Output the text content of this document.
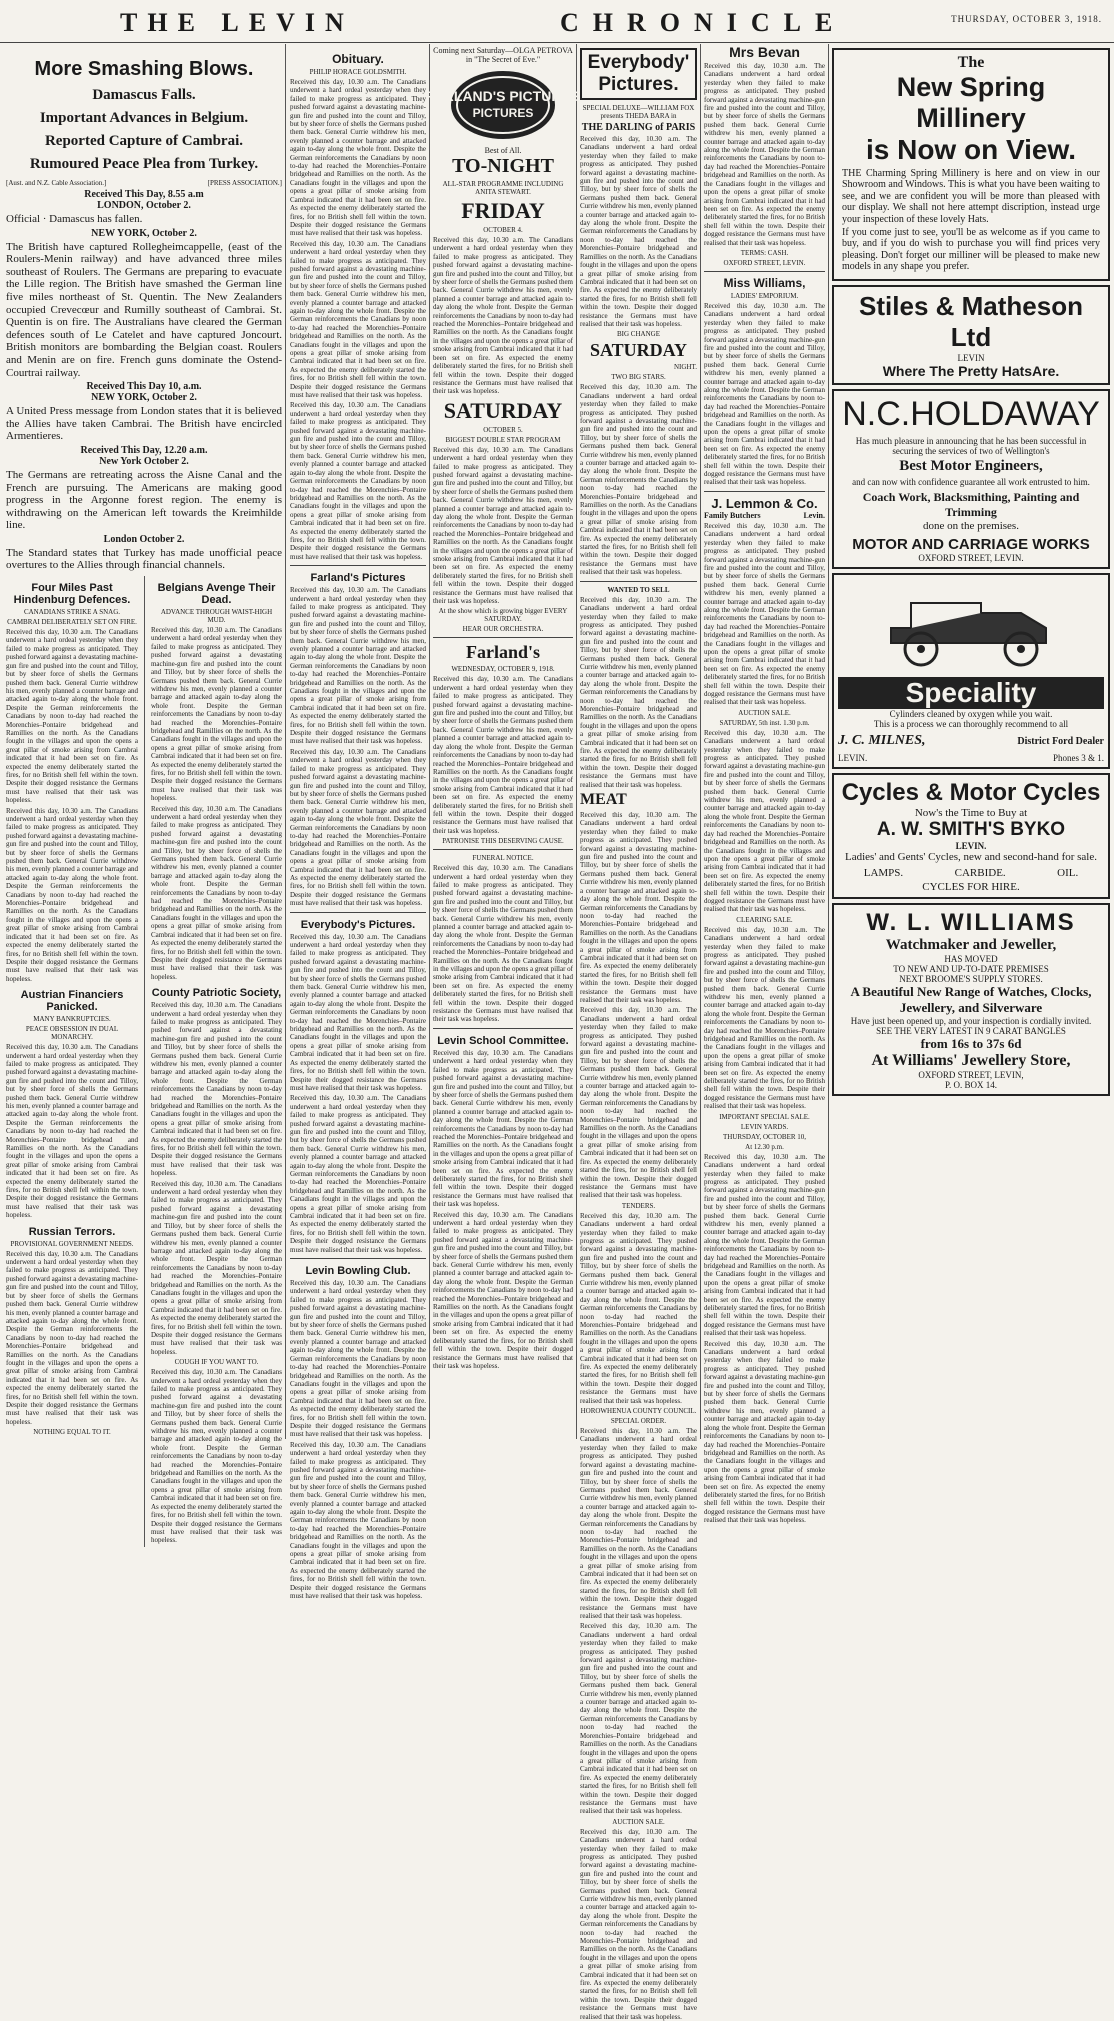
THE LEVIN	CHRONICLE	THURSDAY, OCTOBER 3, 1918.
More Smashing Blows.
Damascus Falls.
Important Advances in Belgium.
Reported Capture of Cambrai.
Rumoured Peace Plea from Turkey.
[Aust. and N.Z. Cable Association.]	[PRESS ASSOCIATION.]
Received This Day, 8.55 a.m
LONDON, October 2.
Official · Damascus has fallen.
NEW YORK, October 2.
The British have captured Rollegheimcappelle, (east of the Roulers-Menin railway) and have advanced three miles southeast of Roulers. The Germans are preparing to evacuate the Lille region. The British have smashed the German line five miles northeast of St. Quentin. The New Zealanders occupied Crevecœur and Rumilly southeast of Cambrai. St. Quentin is on fire. The Australians have cleared the German defences south of Le Catelet and have captured Joncourt. British monitors are bombarding the Belgian coast. Roulers and Menin are on fire. French guns dominate the Ostend-Courtrai railway.
Received This Day 10, a.m.
NEW YORK, October 2.
A United Press message from London states that it is believed the Allies have taken Cambrai. The British have encircled Armentieres.
Received This Day, 12.20 a.m.
New York October 2.
The Germans are retreating across the Aisne Canal and the French are pursuing. The Americans are making good progress in the Argonne forest region. The enemy is withdrawing on the American left towards the Kreimhilde line.
London October 2.
The Standard states that Turkey has made unofficial peace overtures to the Allies through financial channels.
Four Miles Past Hindenburg Defences.
CANADIANS STRIKE A SNAG.
CAMBRAI DELIBERATELY SET ON FIRE.
Received this day, 10.30 a.m. The Canadians underwent a hard ordeal yesterday when they failed to make progress as anticipated. They pushed forward against a devastating machine-gun fire and pushed into the count and Tilloy, but by sheer force of shells the Germans pushed them back. General Currie withdrew his men, evenly planned a counter barrage and attacked again to-day along the whole front. Despite the German reinforcements the Canadians by noon to-day had reached the Morenchies–Pontaire bridgehead and Ramillies on the north. As the Canadians fought in the villages and upon the opens a great pillar of smoke arising from Cambrai indicated that it had been set on fire. As expected the enemy deliberately started the fires, for no British shell fell within the town. Despite their dogged resistance the Germans must have realised that their task was hopeless.
Received this day, 10.30 a.m. The Canadians underwent a hard ordeal yesterday when they failed to make progress as anticipated. They pushed forward against a devastating machine-gun fire and pushed into the count and Tilloy, but by sheer force of shells the Germans pushed them back. General Currie withdrew his men, evenly planned a counter barrage and attacked again to-day along the whole front. Despite the German reinforcements the Canadians by noon to-day had reached the Morenchies–Pontaire bridgehead and Ramillies on the north. As the Canadians fought in the villages and upon the opens a great pillar of smoke arising from Cambrai indicated that it had been set on fire. As expected the enemy deliberately started the fires, for no British shell fell within the town. Despite their dogged resistance the Germans must have realised that their task was hopeless.
Austrian Financiers Panicked.
MANY BANKRUPTCIES.
PEACE OBSESSION IN DUAL MONARCHY.
Received this day, 10.30 a.m. The Canadians underwent a hard ordeal yesterday when they failed to make progress as anticipated. They pushed forward against a devastating machine-gun fire and pushed into the count and Tilloy, but by sheer force of shells the Germans pushed them back. General Currie withdrew his men, evenly planned a counter barrage and attacked again to-day along the whole front. Despite the German reinforcements the Canadians by noon to-day had reached the Morenchies–Pontaire bridgehead and Ramillies on the north. As the Canadians fought in the villages and upon the opens a great pillar of smoke arising from Cambrai indicated that it had been set on fire. As expected the enemy deliberately started the fires, for no British shell fell within the town. Despite their dogged resistance the Germans must have realised that their task was hopeless.
Russian Terrors.
PROVISIONAL GOVERNMENT NEEDS.
Received this day, 10.30 a.m. The Canadians underwent a hard ordeal yesterday when they failed to make progress as anticipated. They pushed forward against a devastating machine-gun fire and pushed into the count and Tilloy, but by sheer force of shells the Germans pushed them back. General Currie withdrew his men, evenly planned a counter barrage and attacked again to-day along the whole front. Despite the German reinforcements the Canadians by noon to-day had reached the Morenchies–Pontaire bridgehead and Ramillies on the north. As the Canadians fought in the villages and upon the opens a great pillar of smoke arising from Cambrai indicated that it had been set on fire. As expected the enemy deliberately started the fires, for no British shell fell within the town. Despite their dogged resistance the Germans must have realised that their task was hopeless.
NOTHING EQUAL TO IT.
Belgians Avenge Their Dead.
ADVANCE THROUGH WAIST-HIGH MUD.
Received this day, 10.30 a.m. The Canadians underwent a hard ordeal yesterday when they failed to make progress as anticipated. They pushed forward against a devastating machine-gun fire and pushed into the count and Tilloy, but by sheer force of shells the Germans pushed them back. General Currie withdrew his men, evenly planned a counter barrage and attacked again to-day along the whole front. Despite the German reinforcements the Canadians by noon to-day had reached the Morenchies–Pontaire bridgehead and Ramillies on the north. As the Canadians fought in the villages and upon the opens a great pillar of smoke arising from Cambrai indicated that it had been set on fire. As expected the enemy deliberately started the fires, for no British shell fell within the town. Despite their dogged resistance the Germans must have realised that their task was hopeless.
Received this day, 10.30 a.m. The Canadians underwent a hard ordeal yesterday when they failed to make progress as anticipated. They pushed forward against a devastating machine-gun fire and pushed into the count and Tilloy, but by sheer force of shells the Germans pushed them back. General Currie withdrew his men, evenly planned a counter barrage and attacked again to-day along the whole front. Despite the German reinforcements the Canadians by noon to-day had reached the Morenchies–Pontaire bridgehead and Ramillies on the north. As the Canadians fought in the villages and upon the opens a great pillar of smoke arising from Cambrai indicated that it had been set on fire. As expected the enemy deliberately started the fires, for no British shell fell within the town. Despite their dogged resistance the Germans must have realised that their task was hopeless.
County Patriotic Society,
Received this day, 10.30 a.m. The Canadians underwent a hard ordeal yesterday when they failed to make progress as anticipated. They pushed forward against a devastating machine-gun fire and pushed into the count and Tilloy, but by sheer force of shells the Germans pushed them back. General Currie withdrew his men, evenly planned a counter barrage and attacked again to-day along the whole front. Despite the German reinforcements the Canadians by noon to-day had reached the Morenchies–Pontaire bridgehead and Ramillies on the north. As the Canadians fought in the villages and upon the opens a great pillar of smoke arising from Cambrai indicated that it had been set on fire. As expected the enemy deliberately started the fires, for no British shell fell within the town. Despite their dogged resistance the Germans must have realised that their task was hopeless.
Received this day, 10.30 a.m. The Canadians underwent a hard ordeal yesterday when they failed to make progress as anticipated. They pushed forward against a devastating machine-gun fire and pushed into the count and Tilloy, but by sheer force of shells the Germans pushed them back. General Currie withdrew his men, evenly planned a counter barrage and attacked again to-day along the whole front. Despite the German reinforcements the Canadians by noon to-day had reached the Morenchies–Pontaire bridgehead and Ramillies on the north. As the Canadians fought in the villages and upon the opens a great pillar of smoke arising from Cambrai indicated that it had been set on fire. As expected the enemy deliberately started the fires, for no British shell fell within the town. Despite their dogged resistance the Germans must have realised that their task was hopeless.
COUGH IF YOU WANT TO.
Received this day, 10.30 a.m. The Canadians underwent a hard ordeal yesterday when they failed to make progress as anticipated. They pushed forward against a devastating machine-gun fire and pushed into the count and Tilloy, but by sheer force of shells the Germans pushed them back. General Currie withdrew his men, evenly planned a counter barrage and attacked again to-day along the whole front. Despite the German reinforcements the Canadians by noon to-day had reached the Morenchies–Pontaire bridgehead and Ramillies on the north. As the Canadians fought in the villages and upon the opens a great pillar of smoke arising from Cambrai indicated that it had been set on fire. As expected the enemy deliberately started the fires, for no British shell fell within the town. Despite their dogged resistance the Germans must have realised that their task was hopeless.
Obituary.
PHILIP HORACE GOLDSMITH.
Received this day, 10.30 a.m. The Canadians underwent a hard ordeal yesterday when they failed to make progress as anticipated. They pushed forward against a devastating machine-gun fire and pushed into the count and Tilloy, but by sheer force of shells the Germans pushed them back. General Currie withdrew his men, evenly planned a counter barrage and attacked again to-day along the whole front. Despite the German reinforcements the Canadians by noon to-day had reached the Morenchies–Pontaire bridgehead and Ramillies on the north. As the Canadians fought in the villages and upon the opens a great pillar of smoke arising from Cambrai indicated that it had been set on fire. As expected the enemy deliberately started the fires, for no British shell fell within the town. Despite their dogged resistance the Germans must have realised that their task was hopeless.
Received this day, 10.30 a.m. The Canadians underwent a hard ordeal yesterday when they failed to make progress as anticipated. They pushed forward against a devastating machine-gun fire and pushed into the count and Tilloy, but by sheer force of shells the Germans pushed them back. General Currie withdrew his men, evenly planned a counter barrage and attacked again to-day along the whole front. Despite the German reinforcements the Canadians by noon to-day had reached the Morenchies–Pontaire bridgehead and Ramillies on the north. As the Canadians fought in the villages and upon the opens a great pillar of smoke arising from Cambrai indicated that it had been set on fire. As expected the enemy deliberately started the fires, for no British shell fell within the town. Despite their dogged resistance the Germans must have realised that their task was hopeless.
Received this day, 10.30 a.m. The Canadians underwent a hard ordeal yesterday when they failed to make progress as anticipated. They pushed forward against a devastating machine-gun fire and pushed into the count and Tilloy, but by sheer force of shells the Germans pushed them back. General Currie withdrew his men, evenly planned a counter barrage and attacked again to-day along the whole front. Despite the German reinforcements the Canadians by noon to-day had reached the Morenchies–Pontaire bridgehead and Ramillies on the north. As the Canadians fought in the villages and upon the opens a great pillar of smoke arising from Cambrai indicated that it had been set on fire. As expected the enemy deliberately started the fires, for no British shell fell within the town. Despite their dogged resistance the Germans must have realised that their task was hopeless.
Farland's Pictures
Received this day, 10.30 a.m. The Canadians underwent a hard ordeal yesterday when they failed to make progress as anticipated. They pushed forward against a devastating machine-gun fire and pushed into the count and Tilloy, but by sheer force of shells the Germans pushed them back. General Currie withdrew his men, evenly planned a counter barrage and attacked again to-day along the whole front. Despite the German reinforcements the Canadians by noon to-day had reached the Morenchies–Pontaire bridgehead and Ramillies on the north. As the Canadians fought in the villages and upon the opens a great pillar of smoke arising from Cambrai indicated that it had been set on fire. As expected the enemy deliberately started the fires, for no British shell fell within the town. Despite their dogged resistance the Germans must have realised that their task was hopeless.
Received this day, 10.30 a.m. The Canadians underwent a hard ordeal yesterday when they failed to make progress as anticipated. They pushed forward against a devastating machine-gun fire and pushed into the count and Tilloy, but by sheer force of shells the Germans pushed them back. General Currie withdrew his men, evenly planned a counter barrage and attacked again to-day along the whole front. Despite the German reinforcements the Canadians by noon to-day had reached the Morenchies–Pontaire bridgehead and Ramillies on the north. As the Canadians fought in the villages and upon the opens a great pillar of smoke arising from Cambrai indicated that it had been set on fire. As expected the enemy deliberately started the fires, for no British shell fell within the town. Despite their dogged resistance the Germans must have realised that their task was hopeless.
Everybody's Pictures.
Received this day, 10.30 a.m. The Canadians underwent a hard ordeal yesterday when they failed to make progress as anticipated. They pushed forward against a devastating machine-gun fire and pushed into the count and Tilloy, but by sheer force of shells the Germans pushed them back. General Currie withdrew his men, evenly planned a counter barrage and attacked again to-day along the whole front. Despite the German reinforcements the Canadians by noon to-day had reached the Morenchies–Pontaire bridgehead and Ramillies on the north. As the Canadians fought in the villages and upon the opens a great pillar of smoke arising from Cambrai indicated that it had been set on fire. As expected the enemy deliberately started the fires, for no British shell fell within the town. Despite their dogged resistance the Germans must have realised that their task was hopeless.
Received this day, 10.30 a.m. The Canadians underwent a hard ordeal yesterday when they failed to make progress as anticipated. They pushed forward against a devastating machine-gun fire and pushed into the count and Tilloy, but by sheer force of shells the Germans pushed them back. General Currie withdrew his men, evenly planned a counter barrage and attacked again to-day along the whole front. Despite the German reinforcements the Canadians by noon to-day had reached the Morenchies–Pontaire bridgehead and Ramillies on the north. As the Canadians fought in the villages and upon the opens a great pillar of smoke arising from Cambrai indicated that it had been set on fire. As expected the enemy deliberately started the fires, for no British shell fell within the town. Despite their dogged resistance the Germans must have realised that their task was hopeless.
Levin Bowling Club.
Received this day, 10.30 a.m. The Canadians underwent a hard ordeal yesterday when they failed to make progress as anticipated. They pushed forward against a devastating machine-gun fire and pushed into the count and Tilloy, but by sheer force of shells the Germans pushed them back. General Currie withdrew his men, evenly planned a counter barrage and attacked again to-day along the whole front. Despite the German reinforcements the Canadians by noon to-day had reached the Morenchies–Pontaire bridgehead and Ramillies on the north. As the Canadians fought in the villages and upon the opens a great pillar of smoke arising from Cambrai indicated that it had been set on fire. As expected the enemy deliberately started the fires, for no British shell fell within the town. Despite their dogged resistance the Germans must have realised that their task was hopeless.
Received this day, 10.30 a.m. The Canadians underwent a hard ordeal yesterday when they failed to make progress as anticipated. They pushed forward against a devastating machine-gun fire and pushed into the count and Tilloy, but by sheer force of shells the Germans pushed them back. General Currie withdrew his men, evenly planned a counter barrage and attacked again to-day along the whole front. Despite the German reinforcements the Canadians by noon to-day had reached the Morenchies–Pontaire bridgehead and Ramillies on the north. As the Canadians fought in the villages and upon the opens a great pillar of smoke arising from Cambrai indicated that it had been set on fire. As expected the enemy deliberately started the fires, for no British shell fell within the town. Despite their dogged resistance the Germans must have realised that their task was hopeless.
Coming next Saturday—OLGA PETROVA in "The Secret of Eve."
FARLAND'S PICTURES
PICTURES
Best of All.
TO-NIGHT
ALL-STAR PROGRAMME INCLUDING ANITA STEWART.
FRIDAY
OCTOBER 4.
Received this day, 10.30 a.m. The Canadians underwent a hard ordeal yesterday when they failed to make progress as anticipated. They pushed forward against a devastating machine-gun fire and pushed into the count and Tilloy, but by sheer force of shells the Germans pushed them back. General Currie withdrew his men, evenly planned a counter barrage and attacked again to-day along the whole front. Despite the German reinforcements the Canadians by noon to-day had reached the Morenchies–Pontaire bridgehead and Ramillies on the north. As the Canadians fought in the villages and upon the opens a great pillar of smoke arising from Cambrai indicated that it had been set on fire. As expected the enemy deliberately started the fires, for no British shell fell within the town. Despite their dogged resistance the Germans must have realised that their task was hopeless.
SATURDAY
OCTOBER 5.
BIGGEST DOUBLE STAR PROGRAM
Received this day, 10.30 a.m. The Canadians underwent a hard ordeal yesterday when they failed to make progress as anticipated. They pushed forward against a devastating machine-gun fire and pushed into the count and Tilloy, but by sheer force of shells the Germans pushed them back. General Currie withdrew his men, evenly planned a counter barrage and attacked again to-day along the whole front. Despite the German reinforcements the Canadians by noon to-day had reached the Morenchies–Pontaire bridgehead and Ramillies on the north. As the Canadians fought in the villages and upon the opens a great pillar of smoke arising from Cambrai indicated that it had been set on fire. As expected the enemy deliberately started the fires, for no British shell fell within the town. Despite their dogged resistance the Germans must have realised that their task was hopeless.
At the show which is growing bigger EVERY SATURDAY.
HEAR OUR ORCHESTRA.
Farland's
WEDNESDAY, OCTOBER 9, 1918.
Received this day, 10.30 a.m. The Canadians underwent a hard ordeal yesterday when they failed to make progress as anticipated. They pushed forward against a devastating machine-gun fire and pushed into the count and Tilloy, but by sheer force of shells the Germans pushed them back. General Currie withdrew his men, evenly planned a counter barrage and attacked again to-day along the whole front. Despite the German reinforcements the Canadians by noon to-day had reached the Morenchies–Pontaire bridgehead and Ramillies on the north. As the Canadians fought in the villages and upon the opens a great pillar of smoke arising from Cambrai indicated that it had been set on fire. As expected the enemy deliberately started the fires, for no British shell fell within the town. Despite their dogged resistance the Germans must have realised that their task was hopeless.
PATRONISE THIS DESERVING CAUSE.
FUNERAL NOTICE.
Received this day, 10.30 a.m. The Canadians underwent a hard ordeal yesterday when they failed to make progress as anticipated. They pushed forward against a devastating machine-gun fire and pushed into the count and Tilloy, but by sheer force of shells the Germans pushed them back. General Currie withdrew his men, evenly planned a counter barrage and attacked again to-day along the whole front. Despite the German reinforcements the Canadians by noon to-day had reached the Morenchies–Pontaire bridgehead and Ramillies on the north. As the Canadians fought in the villages and upon the opens a great pillar of smoke arising from Cambrai indicated that it had been set on fire. As expected the enemy deliberately started the fires, for no British shell fell within the town. Despite their dogged resistance the Germans must have realised that their task was hopeless.
Levin School Committee.
Received this day, 10.30 a.m. The Canadians underwent a hard ordeal yesterday when they failed to make progress as anticipated. They pushed forward against a devastating machine-gun fire and pushed into the count and Tilloy, but by sheer force of shells the Germans pushed them back. General Currie withdrew his men, evenly planned a counter barrage and attacked again to-day along the whole front. Despite the German reinforcements the Canadians by noon to-day had reached the Morenchies–Pontaire bridgehead and Ramillies on the north. As the Canadians fought in the villages and upon the opens a great pillar of smoke arising from Cambrai indicated that it had been set on fire. As expected the enemy deliberately started the fires, for no British shell fell within the town. Despite their dogged resistance the Germans must have realised that their task was hopeless.
Received this day, 10.30 a.m. The Canadians underwent a hard ordeal yesterday when they failed to make progress as anticipated. They pushed forward against a devastating machine-gun fire and pushed into the count and Tilloy, but by sheer force of shells the Germans pushed them back. General Currie withdrew his men, evenly planned a counter barrage and attacked again to-day along the whole front. Despite the German reinforcements the Canadians by noon to-day had reached the Morenchies–Pontaire bridgehead and Ramillies on the north. As the Canadians fought in the villages and upon the opens a great pillar of smoke arising from Cambrai indicated that it had been set on fire. As expected the enemy deliberately started the fires, for no British shell fell within the town. Despite their dogged resistance the Germans must have realised that their task was hopeless.
Everybody' Pictures.
SPECIAL DELUXE—WILLIAM FOX presents THEDA BARA in
THE DARLING of PARIS
Received this day, 10.30 a.m. The Canadians underwent a hard ordeal yesterday when they failed to make progress as anticipated. They pushed forward against a devastating machine-gun fire and pushed into the count and Tilloy, but by sheer force of shells the Germans pushed them back. General Currie withdrew his men, evenly planned a counter barrage and attacked again to-day along the whole front. Despite the German reinforcements the Canadians by noon to-day had reached the Morenchies–Pontaire bridgehead and Ramillies on the north. As the Canadians fought in the villages and upon the opens a great pillar of smoke arising from Cambrai indicated that it had been set on fire. As expected the enemy deliberately started the fires, for no British shell fell within the town. Despite their dogged resistance the Germans must have realised that their task was hopeless.
BIG CHANGE
SATURDAY
NIGHT.
TWO BIG STARS.
Received this day, 10.30 a.m. The Canadians underwent a hard ordeal yesterday when they failed to make progress as anticipated. They pushed forward against a devastating machine-gun fire and pushed into the count and Tilloy, but by sheer force of shells the Germans pushed them back. General Currie withdrew his men, evenly planned a counter barrage and attacked again to-day along the whole front. Despite the German reinforcements the Canadians by noon to-day had reached the Morenchies–Pontaire bridgehead and Ramillies on the north. As the Canadians fought in the villages and upon the opens a great pillar of smoke arising from Cambrai indicated that it had been set on fire. As expected the enemy deliberately started the fires, for no British shell fell within the town. Despite their dogged resistance the Germans must have realised that their task was hopeless.
WANTED TO SELL
Received this day, 10.30 a.m. The Canadians underwent a hard ordeal yesterday when they failed to make progress as anticipated. They pushed forward against a devastating machine-gun fire and pushed into the count and Tilloy, but by sheer force of shells the Germans pushed them back. General Currie withdrew his men, evenly planned a counter barrage and attacked again to-day along the whole front. Despite the German reinforcements the Canadians by noon to-day had reached the Morenchies–Pontaire bridgehead and Ramillies on the north. As the Canadians fought in the villages and upon the opens a great pillar of smoke arising from Cambrai indicated that it had been set on fire. As expected the enemy deliberately started the fires, for no British shell fell within the town. Despite their dogged resistance the Germans must have realised that their task was hopeless.
MEAT
Received this day, 10.30 a.m. The Canadians underwent a hard ordeal yesterday when they failed to make progress as anticipated. They pushed forward against a devastating machine-gun fire and pushed into the count and Tilloy, but by sheer force of shells the Germans pushed them back. General Currie withdrew his men, evenly planned a counter barrage and attacked again to-day along the whole front. Despite the German reinforcements the Canadians by noon to-day had reached the Morenchies–Pontaire bridgehead and Ramillies on the north. As the Canadians fought in the villages and upon the opens a great pillar of smoke arising from Cambrai indicated that it had been set on fire. As expected the enemy deliberately started the fires, for no British shell fell within the town. Despite their dogged resistance the Germans must have realised that their task was hopeless.
Received this day, 10.30 a.m. The Canadians underwent a hard ordeal yesterday when they failed to make progress as anticipated. They pushed forward against a devastating machine-gun fire and pushed into the count and Tilloy, but by sheer force of shells the Germans pushed them back. General Currie withdrew his men, evenly planned a counter barrage and attacked again to-day along the whole front. Despite the German reinforcements the Canadians by noon to-day had reached the Morenchies–Pontaire bridgehead and Ramillies on the north. As the Canadians fought in the villages and upon the opens a great pillar of smoke arising from Cambrai indicated that it had been set on fire. As expected the enemy deliberately started the fires, for no British shell fell within the town. Despite their dogged resistance the Germans must have realised that their task was hopeless.
TENDERS.
Received this day, 10.30 a.m. The Canadians underwent a hard ordeal yesterday when they failed to make progress as anticipated. They pushed forward against a devastating machine-gun fire and pushed into the count and Tilloy, but by sheer force of shells the Germans pushed them back. General Currie withdrew his men, evenly planned a counter barrage and attacked again to-day along the whole front. Despite the German reinforcements the Canadians by noon to-day had reached the Morenchies–Pontaire bridgehead and Ramillies on the north. As the Canadians fought in the villages and upon the opens a great pillar of smoke arising from Cambrai indicated that it had been set on fire. As expected the enemy deliberately started the fires, for no British shell fell within the town. Despite their dogged resistance the Germans must have realised that their task was hopeless.
HOROWHENUA COUNTY COUNCIL.
SPECIAL ORDER.
Received this day, 10.30 a.m. The Canadians underwent a hard ordeal yesterday when they failed to make progress as anticipated. They pushed forward against a devastating machine-gun fire and pushed into the count and Tilloy, but by sheer force of shells the Germans pushed them back. General Currie withdrew his men, evenly planned a counter barrage and attacked again to-day along the whole front. Despite the German reinforcements the Canadians by noon to-day had reached the Morenchies–Pontaire bridgehead and Ramillies on the north. As the Canadians fought in the villages and upon the opens a great pillar of smoke arising from Cambrai indicated that it had been set on fire. As expected the enemy deliberately started the fires, for no British shell fell within the town. Despite their dogged resistance the Germans must have realised that their task was hopeless.
Received this day, 10.30 a.m. The Canadians underwent a hard ordeal yesterday when they failed to make progress as anticipated. They pushed forward against a devastating machine-gun fire and pushed into the count and Tilloy, but by sheer force of shells the Germans pushed them back. General Currie withdrew his men, evenly planned a counter barrage and attacked again to-day along the whole front. Despite the German reinforcements the Canadians by noon to-day had reached the Morenchies–Pontaire bridgehead and Ramillies on the north. As the Canadians fought in the villages and upon the opens a great pillar of smoke arising from Cambrai indicated that it had been set on fire. As expected the enemy deliberately started the fires, for no British shell fell within the town. Despite their dogged resistance the Germans must have realised that their task was hopeless.
AUCTION SALE.
Received this day, 10.30 a.m. The Canadians underwent a hard ordeal yesterday when they failed to make progress as anticipated. They pushed forward against a devastating machine-gun fire and pushed into the count and Tilloy, but by sheer force of shells the Germans pushed them back. General Currie withdrew his men, evenly planned a counter barrage and attacked again to-day along the whole front. Despite the German reinforcements the Canadians by noon to-day had reached the Morenchies–Pontaire bridgehead and Ramillies on the north. As the Canadians fought in the villages and upon the opens a great pillar of smoke arising from Cambrai indicated that it had been set on fire. As expected the enemy deliberately started the fires, for no British shell fell within the town. Despite their dogged resistance the Germans must have realised that their task was hopeless.
Mrs Bevan
Received this day, 10.30 a.m. The Canadians underwent a hard ordeal yesterday when they failed to make progress as anticipated. They pushed forward against a devastating machine-gun fire and pushed into the count and Tilloy, but by sheer force of shells the Germans pushed them back. General Currie withdrew his men, evenly planned a counter barrage and attacked again to-day along the whole front. Despite the German reinforcements the Canadians by noon to-day had reached the Morenchies–Pontaire bridgehead and Ramillies on the north. As the Canadians fought in the villages and upon the opens a great pillar of smoke arising from Cambrai indicated that it had been set on fire. As expected the enemy deliberately started the fires, for no British shell fell within the town. Despite their dogged resistance the Germans must have realised that their task was hopeless.
TERMS: CASH.
OXFORD STREET, LEVIN.
Miss Williams,
LADIES' EMPORIUM.
Received this day, 10.30 a.m. The Canadians underwent a hard ordeal yesterday when they failed to make progress as anticipated. They pushed forward against a devastating machine-gun fire and pushed into the count and Tilloy, but by sheer force of shells the Germans pushed them back. General Currie withdrew his men, evenly planned a counter barrage and attacked again to-day along the whole front. Despite the German reinforcements the Canadians by noon to-day had reached the Morenchies–Pontaire bridgehead and Ramillies on the north. As the Canadians fought in the villages and upon the opens a great pillar of smoke arising from Cambrai indicated that it had been set on fire. As expected the enemy deliberately started the fires, for no British shell fell within the town. Despite their dogged resistance the Germans must have realised that their task was hopeless.
J. Lemmon & Co.
Family Butchers	Levin.
Received this day, 10.30 a.m. The Canadians underwent a hard ordeal yesterday when they failed to make progress as anticipated. They pushed forward against a devastating machine-gun fire and pushed into the count and Tilloy, but by sheer force of shells the Germans pushed them back. General Currie withdrew his men, evenly planned a counter barrage and attacked again to-day along the whole front. Despite the German reinforcements the Canadians by noon to-day had reached the Morenchies–Pontaire bridgehead and Ramillies on the north. As the Canadians fought in the villages and upon the opens a great pillar of smoke arising from Cambrai indicated that it had been set on fire. As expected the enemy deliberately started the fires, for no British shell fell within the town. Despite their dogged resistance the Germans must have realised that their task was hopeless.
AUCTION SALE.
SATURDAY, 5th inst. 1.30 p.m.
Received this day, 10.30 a.m. The Canadians underwent a hard ordeal yesterday when they failed to make progress as anticipated. They pushed forward against a devastating machine-gun fire and pushed into the count and Tilloy, but by sheer force of shells the Germans pushed them back. General Currie withdrew his men, evenly planned a counter barrage and attacked again to-day along the whole front. Despite the German reinforcements the Canadians by noon to-day had reached the Morenchies–Pontaire bridgehead and Ramillies on the north. As the Canadians fought in the villages and upon the opens a great pillar of smoke arising from Cambrai indicated that it had been set on fire. As expected the enemy deliberately started the fires, for no British shell fell within the town. Despite their dogged resistance the Germans must have realised that their task was hopeless.
CLEARING SALE.
Received this day, 10.30 a.m. The Canadians underwent a hard ordeal yesterday when they failed to make progress as anticipated. They pushed forward against a devastating machine-gun fire and pushed into the count and Tilloy, but by sheer force of shells the Germans pushed them back. General Currie withdrew his men, evenly planned a counter barrage and attacked again to-day along the whole front. Despite the German reinforcements the Canadians by noon to-day had reached the Morenchies–Pontaire bridgehead and Ramillies on the north. As the Canadians fought in the villages and upon the opens a great pillar of smoke arising from Cambrai indicated that it had been set on fire. As expected the enemy deliberately started the fires, for no British shell fell within the town. Despite their dogged resistance the Germans must have realised that their task was hopeless.
IMPORTANT SPECIAL SALE.
LEVIN YARDS.
THURSDAY, OCTOBER 10,
At 12.30 p.m.
Received this day, 10.30 a.m. The Canadians underwent a hard ordeal yesterday when they failed to make progress as anticipated. They pushed forward against a devastating machine-gun fire and pushed into the count and Tilloy, but by sheer force of shells the Germans pushed them back. General Currie withdrew his men, evenly planned a counter barrage and attacked again to-day along the whole front. Despite the German reinforcements the Canadians by noon to-day had reached the Morenchies–Pontaire bridgehead and Ramillies on the north. As the Canadians fought in the villages and upon the opens a great pillar of smoke arising from Cambrai indicated that it had been set on fire. As expected the enemy deliberately started the fires, for no British shell fell within the town. Despite their dogged resistance the Germans must have realised that their task was hopeless.
Received this day, 10.30 a.m. The Canadians underwent a hard ordeal yesterday when they failed to make progress as anticipated. They pushed forward against a devastating machine-gun fire and pushed into the count and Tilloy, but by sheer force of shells the Germans pushed them back. General Currie withdrew his men, evenly planned a counter barrage and attacked again to-day along the whole front. Despite the German reinforcements the Canadians by noon to-day had reached the Morenchies–Pontaire bridgehead and Ramillies on the north. As the Canadians fought in the villages and upon the opens a great pillar of smoke arising from Cambrai indicated that it had been set on fire. As expected the enemy deliberately started the fires, for no British shell fell within the town. Despite their dogged resistance the Germans must have realised that their task was hopeless.
The
New Spring Millinery
is Now on View.
THE Charming Spring Millinery is here and on view in our Showroom and Windows. This is what you have been waiting to see, and we are confident you will be more than pleased with our display. We shall not here attempt discription, instead urge your inspection of these lovely Hats.
If you come just to see, you'll be as welcome as if you came to buy, and if you do wish to purchase you will find prices very pleasing. Don't forget our milliner will be pleased to make new models in any shape you prefer.
Stiles & Matheson Ltd
LEVIN
Where The Pretty HatsAre.
N.C.HOLDAWAY
Has much pleasure in announcing that he has been successful in securing the services of two of Wellington's
Best Motor Engineers,
and can now with confidence guarantee all work entrusted to him.
Coach Work, Blacksmithing, Painting and Trimming
done on the premises.
MOTOR AND CARRIAGE WORKS
OXFORD STREET, LEVIN.
Speciality
Cylinders cleaned by oxygen while you wait.
This is a process we can thoroughly recommend to all
J. C. MILNES,	District Ford Dealer
LEVIN.	Phones 3 & 1.
Cycles & Motor Cycles
Now's the Time to Buy at
A. W. SMITH'S BYKO
LEVIN.
Ladies' and Gents' Cycles, new and second-hand for sale.
LAMPS.	CARBIDE.	OIL.
CYCLES FOR HIRE.
W. L. WILLIAMS
Watchmaker and Jeweller,
HAS MOVED
TO NEW AND UP-TO-DATE PREMISES
NEXT BROOME'S SUPPLY STORES.
A Beautiful New Range of Watches, Clocks, Jewellery, and Silverware
Have just been opened up, and your inspection is cordially invited.
SEE THE VERY LATEST IN 9 CARAT BANGLES
from 16s to 37s 6d
At Williams' Jewellery Store,
OXFORD STREET, LEVIN,
P. O. BOX 14.
